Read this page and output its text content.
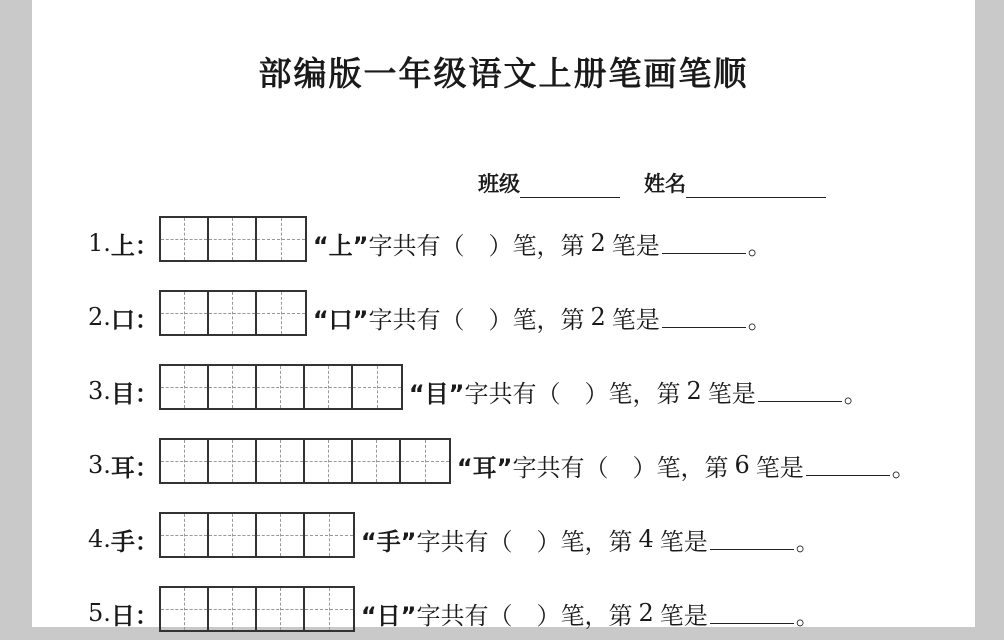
部编版一年级语文上册笔画笔顺
班级	姓名
1. 上 ：	“上” 字共有（　）笔，第 2 笔是	。
2. 口 ：	“口” 字共有（　）笔，第 2 笔是	。
3. 目 ：	“目” 字共有（　）笔，第 2 笔是	。
3. 耳 ：	“耳” 字共有（　）笔，第 6 笔是	。
4. 手 ：	“手” 字共有（　）笔，第 4 笔是	。
5. 日 ：	“日” 字共有（　）笔，第 2 笔是	。
